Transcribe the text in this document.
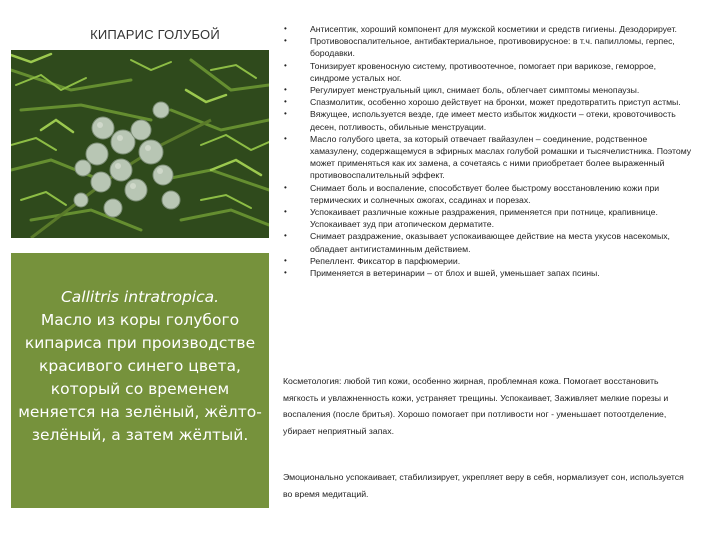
КИПАРИС ГОЛУБОЙ
Callitris intratropica.
Масло из коры голубого кипариса при производстве красивого синего цвета, который со временем меняется на зелёный, жёлто-зелёный, а затем жёлтый.
•	Антисептик, хороший компонент для мужской косметики и средств гигиены. Дезодорирует.
•	Противовоспалительное, антибактериальное, противовирусное: в т.ч. папилломы, герпес, бородавки.
•	Тонизирует кровеносную систему, противоотечное, помогает при варикозе, геморрое, синдроме усталых ног.
•	Регулирует менструальный цикл, снимает боль, облегчает симптомы менопаузы.
•	Спазмолитик, особенно хорошо действует на бронхи, может предотвратить приступ астмы.
•	Вяжущее, используется везде, где имеет место избыток жидкости – отеки, кровоточивость десен, потливость, обильные менструации.
•	Масло голубого цвета, за который отвечает гвайазулен – соединение, родственное хамазулену, содержащемуся в эфирных маслах голубой ромашки и тысячелистника. Поэтому может применяться как их замена, а сочетаясь с ними приобретает более выраженный противовоспалительный эффект.
•	Снимает боль и воспаление, способствует более быстрому восстановлению кожи при термических и солнечных ожогах, ссадинах и порезах.
•	Успокаивает различные кожные раздражения, применяется при потнице, крапивнице. Успокаивает зуд при атопическом дерматите.
•	Снимает раздражение, оказывает успокаивающее действие на места укусов насекомых, обладает антигистаминным действием.
•	Репеллент. Фиксатор в парфюмерии.
•	Применяется в ветеринарии – от блох и вшей, уменьшает запах псины.

Косметология: любой тип кожи, особенно жирная, проблемная кожа. Помогает восстановить мягкость и увлажненность кожи, устраняет трещины. Успокаивает, Заживляет мелкие порезы и воспаления (после бритья). Хорошо помогает при потливости ног - уменьшает потоотделение, убирает неприятный запах.

Эмоционально успокаивает, стабилизирует, укрепляет веру в себя, нормализует сон, используется во время медитаций.
